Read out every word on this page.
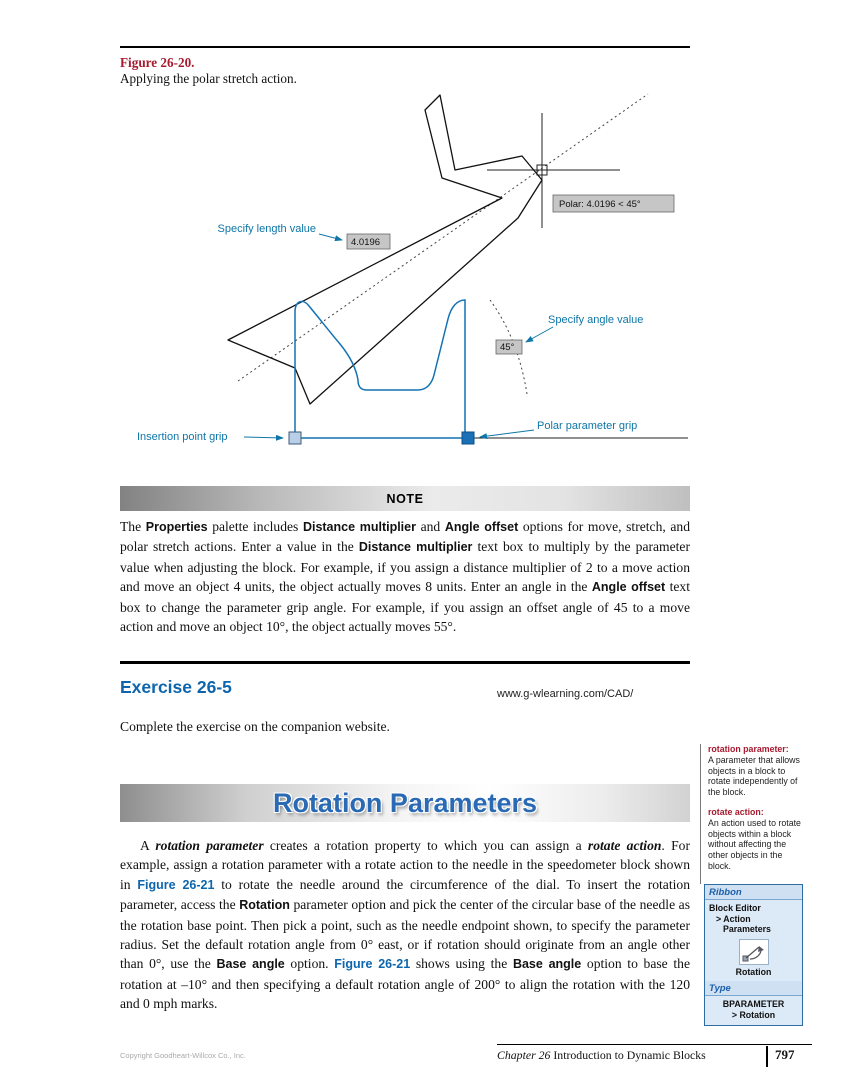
Figure 26-20.
Applying the polar stretch action.
Polar: 4.0196 < 45°
4.0196
45°
Specify length value
Specify angle value
Insertion point grip
Polar parameter grip
NOTE

The Properties palette includes Distance multiplier and Angle offset options for move, stretch, and polar stretch actions. Enter a value in the Distance multiplier text box to multiply by the parameter value when adjusting the block. For example, if you assign a distance multiplier of 2 to a move action and move an object 4 units, the object actually moves 8 units. Enter an angle in the Angle offset text box to change the parameter grip angle. For example, if you assign an offset angle of 45 to a move action and move an object 10°, the object actually moves 55°.

Exercise 26-5	www.g-wlearning.com/CAD/

Complete the exercise on the companion website.

Rotation Parameters

A rotation parameter creates a rotation property to which you can assign a rotate action. For example, assign a rotation parameter with a rotate action to the needle in the speedometer block shown in Figure 26-21 to rotate the needle around the circumference of the dial. To insert the rotation parameter, access the Rotation parameter option and pick the center of the circular base of the needle as the rotation base point. Then pick a point, such as the needle endpoint shown, to specify the parameter radius. Set the default rotation angle from 0° east, or if rotation should originate from an angle other than 0°, use the Base angle option. Figure 26-21 shows using the Base angle option to base the rotation at –10° and then specifying a default rotation angle of 200° to align the rotation with the 120 and 0 mph marks.

rotation parameter:
A parameter that allows objects in a block to rotate independently of the block.

rotate action:
An action used to rotate objects within a block without affecting the other objects in the block.

Ribbon
Block Editor
> Action
Parameters
Rotation
Type
BPARAMETER
> Rotation
Copyright Goodheart-Willcox Co., Inc.	Chapter 26 Introduction to Dynamic Blocks	797
